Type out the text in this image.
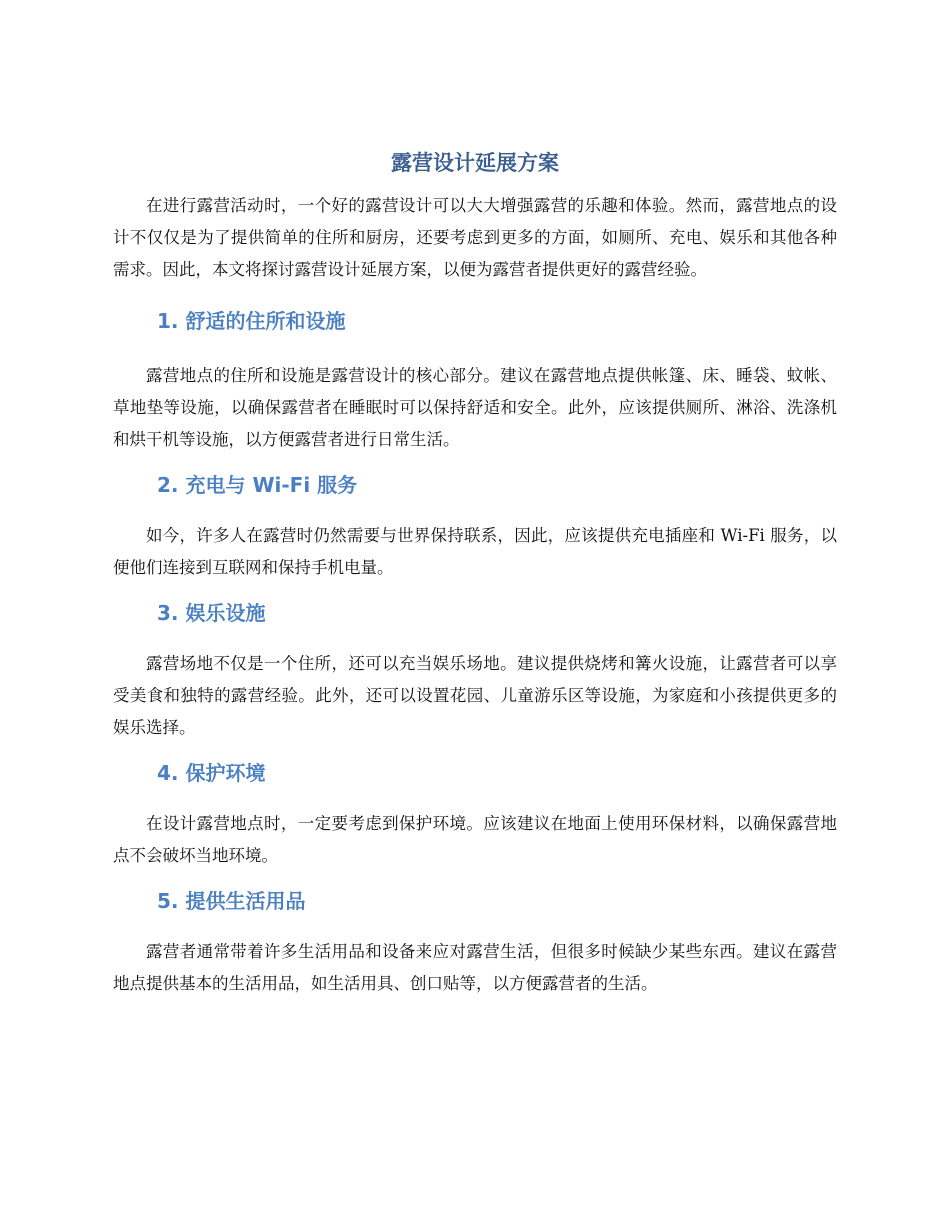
露营设计延展方案

在进行露营活动时，一个好的露营设计可以大大增强露营的乐趣和体验。然而，露营地点的设计不仅仅是为了提供简单的住所和厨房，还要考虑到更多的方面，如厕所、充电、娱乐和其他各种需求。因此，本文将探讨露营设计延展方案，以便为露营者提供更好的露营经验。

1. 舒适的住所和设施

露营地点的住所和设施是露营设计的核心部分。建议在露营地点提供帐篷、床、睡袋、蚊帐、草地垫等设施，以确保露营者在睡眠时可以保持舒适和安全。此外，应该提供厕所、淋浴、洗涤机和烘干机等设施，以方便露营者进行日常生活。

2. 充电与 Wi-Fi 服务

如今，许多人在露营时仍然需要与世界保持联系，因此，应该提供充电插座和 Wi-Fi 服务，以便他们连接到互联网和保持手机电量。

3. 娱乐设施

露营场地不仅是一个住所，还可以充当娱乐场地。建议提供烧烤和篝火设施，让露营者可以享受美食和独特的露营经验。此外，还可以设置花园、儿童游乐区等设施，为家庭和小孩提供更多的娱乐选择。

4. 保护环境

在设计露营地点时，一定要考虑到保护环境。应该建议在地面上使用环保材料，以确保露营地点不会破坏当地环境。

5. 提供生活用品

露营者通常带着许多生活用品和设备来应对露营生活，但很多时候缺少某些东西。建议在露营地点提供基本的生活用品，如生活用具、创口贴等，以方便露营者的生活。
